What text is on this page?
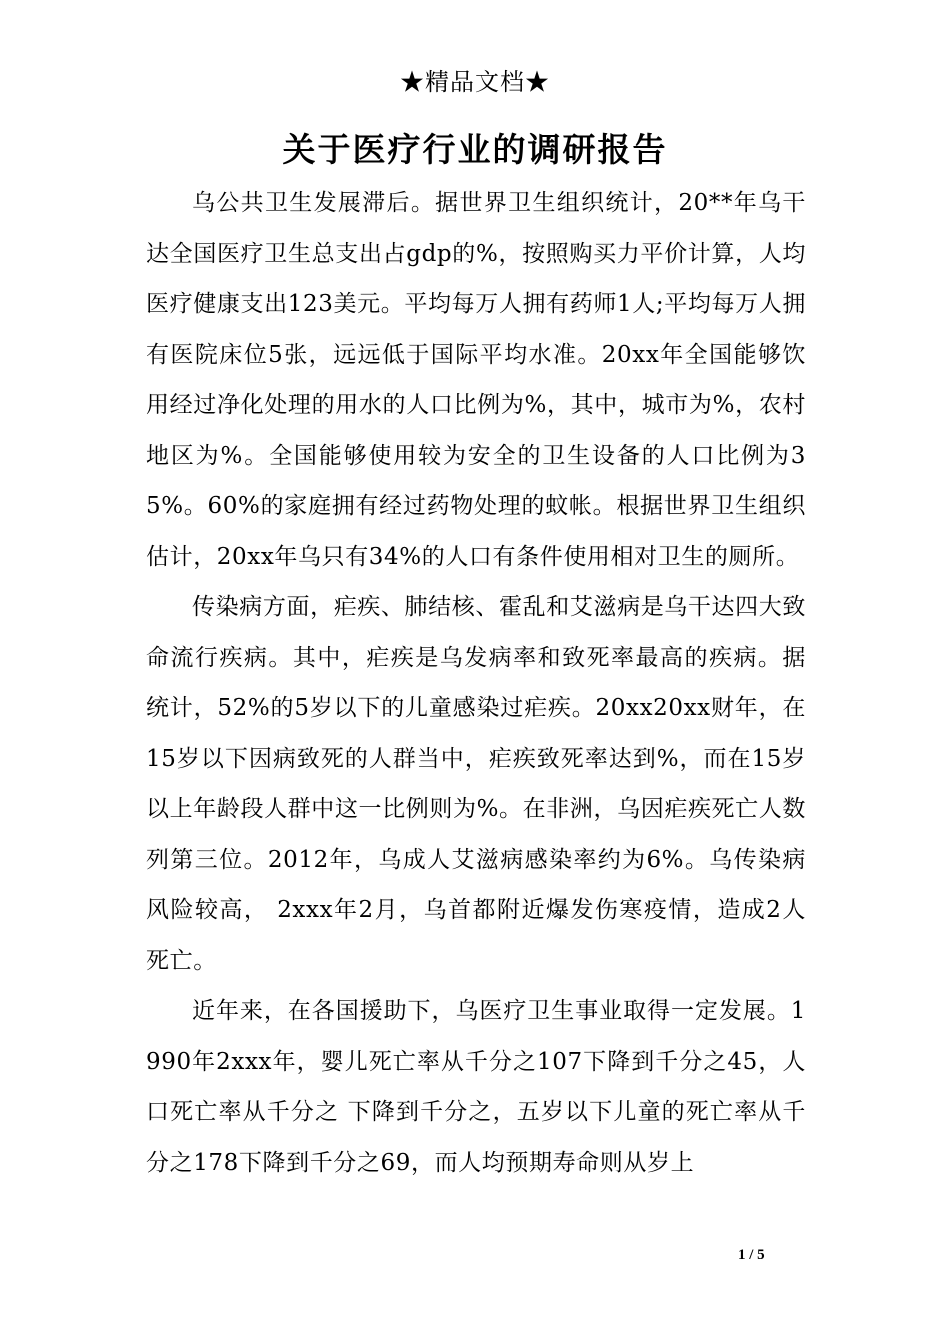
★精品文档★
关于医疗行业的调研报告

乌公共卫生发展滞后。据世界卫生组织统计，20**年乌干达全国医疗卫生总支出占gdp的%，按照购买力平价计算，人均医疗健康支出123美元。平均每万人拥有药师1人;平均每万人拥有医院床位5张，远远低于国际平均水准。20xx年全国能够饮用经过净化处理的用水的人口比例为%，其中，城市为%，农村地区为%。全国能够使用较为安全的卫生设备的人口比例为35%。60%的家庭拥有经过药物处理的蚊帐。根据世界卫生组织估计，20xx年乌只有34%的人口有条件使用相对卫生的厕所。

传染病方面，疟疾、肺结核、霍乱和艾滋病是乌干达四大致命流行疾病。其中，疟疾是乌发病率和致死率最高的疾病。据统计，52%的5岁以下的儿童感染过疟疾。20xx20xx财年，在15岁以下因病致死的人群当中，疟疾致死率达到%，而在15岁以上年龄段人群中这一比例则为%。在非洲，乌因疟疾死亡人数列第三位。2012年，乌成人艾滋病感染率约为6%。乌传染病风险较高， 2xxx年2月，乌首都附近爆发伤寒疫情，造成2人死亡。

近年来，在各国援助下，乌医疗卫生事业取得一定发展。1990年2xxx年，婴儿死亡率从千分之107下降到千分之45，人口死亡率从千分之 下降到千分之，五岁以下儿童的死亡率从千分之178下降到千分之69，而人均预期寿命则从岁上

1 / 5
